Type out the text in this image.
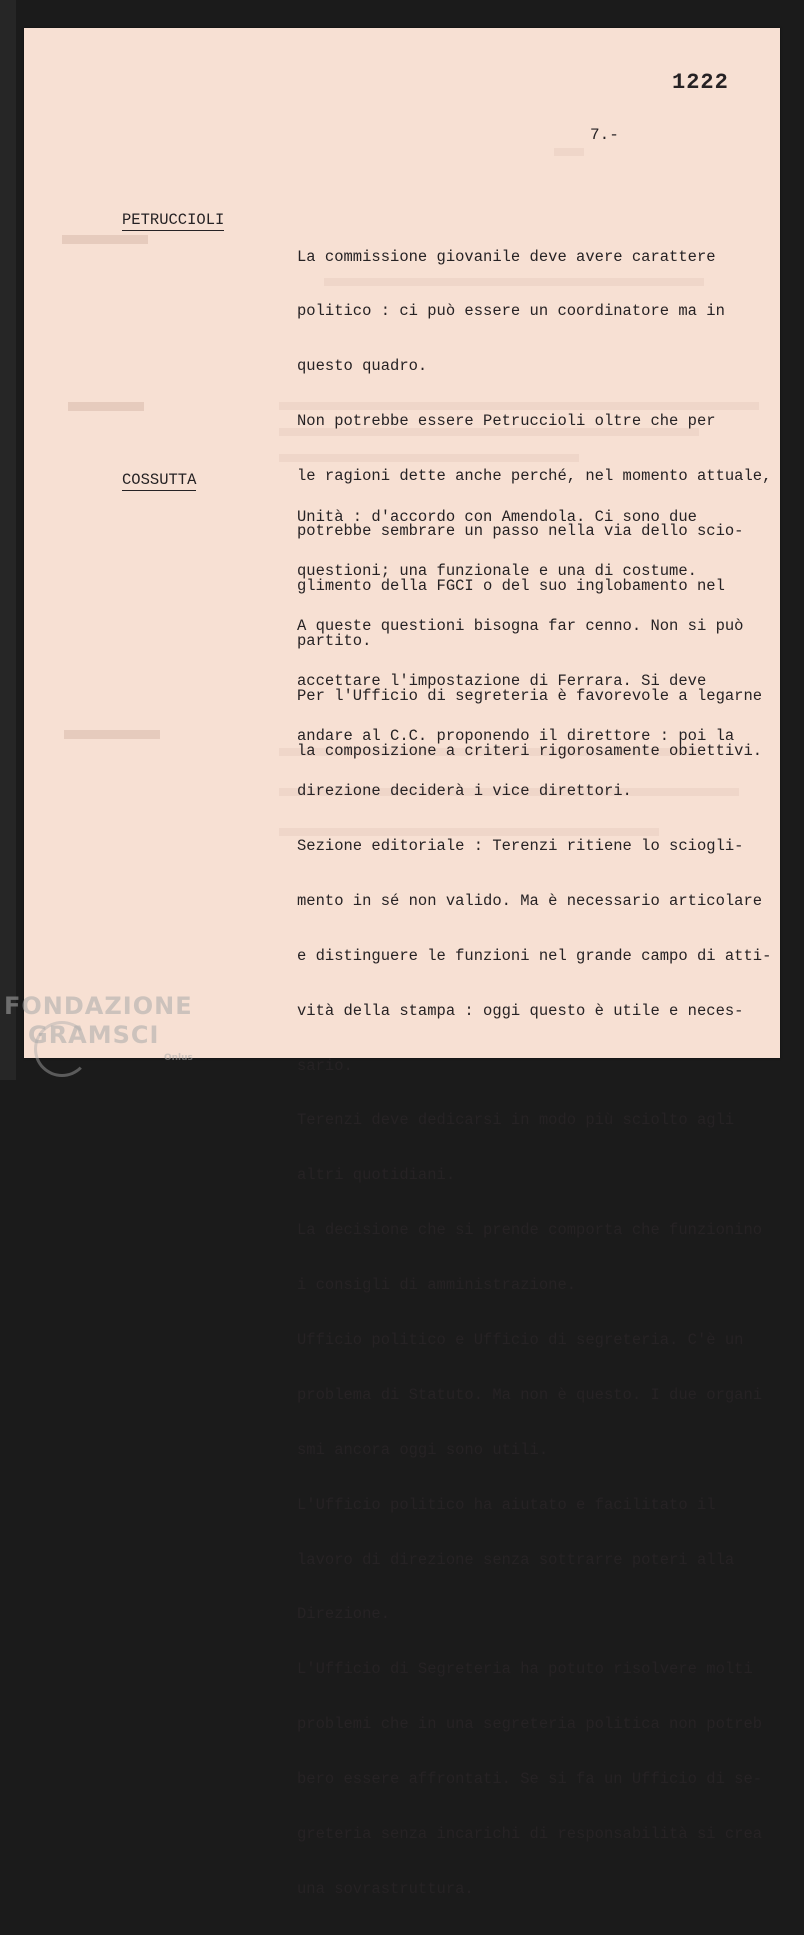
1222
7.-
PETRUCCIOLI

La commissione giovanile deve avere carattere

politico : ci può essere un coordinatore ma in

questo quadro.

Non potrebbe essere Petruccioli oltre che per

le ragioni dette anche perché, nel momento attuale,

potrebbe sembrare un passo nella via dello scio-

glimento della FGCI o del suo inglobamento nel

partito.

Per l'Ufficio di segreteria è favorevole a legarne

la composizione a criteri rigorosamente obiettivi.

COSSUTTA

Unità : d'accordo con Amendola. Ci sono due

questioni; una funzionale e una di costume.

A queste questioni bisogna far cenno. Non si può

accettare l'impostazione di Ferrara. Si deve

andare al C.C. proponendo il direttore : poi la

direzione deciderà i vice direttori.

Sezione editoriale : Terenzi ritiene lo sciogli-

mento in sé non valido. Ma è necessario articolare

e distinguere le funzioni nel grande campo di atti-

vità della stampa : oggi questo è utile e neces-

sario.

Terenzi deve dedicarsi in modo più sciolto agli

altri quotidiani.

La decisione che si prende comporta che funzionino

i consigli di amministrazione.

Ufficio politico e Ufficio di segreteria. C'è un

problema di Statuto. Ma non è questo. I due organi

smi ancora oggi sono utili.

L'Ufficio politico ha aiutato e facilitato il

lavoro di direzione senza sottrarre poteri alla

Direzione.

L'Ufficio di Segreteria ha potuto risolvere molti

problemi che in una segreteria politica non potreb

bero essere affrontati. Se si fa un Ufficio di se-

greteria senza incarichi di responsabilità si crea

una sovrastruttura.

FONDAZIONE
GRAMSCI
Onlus
